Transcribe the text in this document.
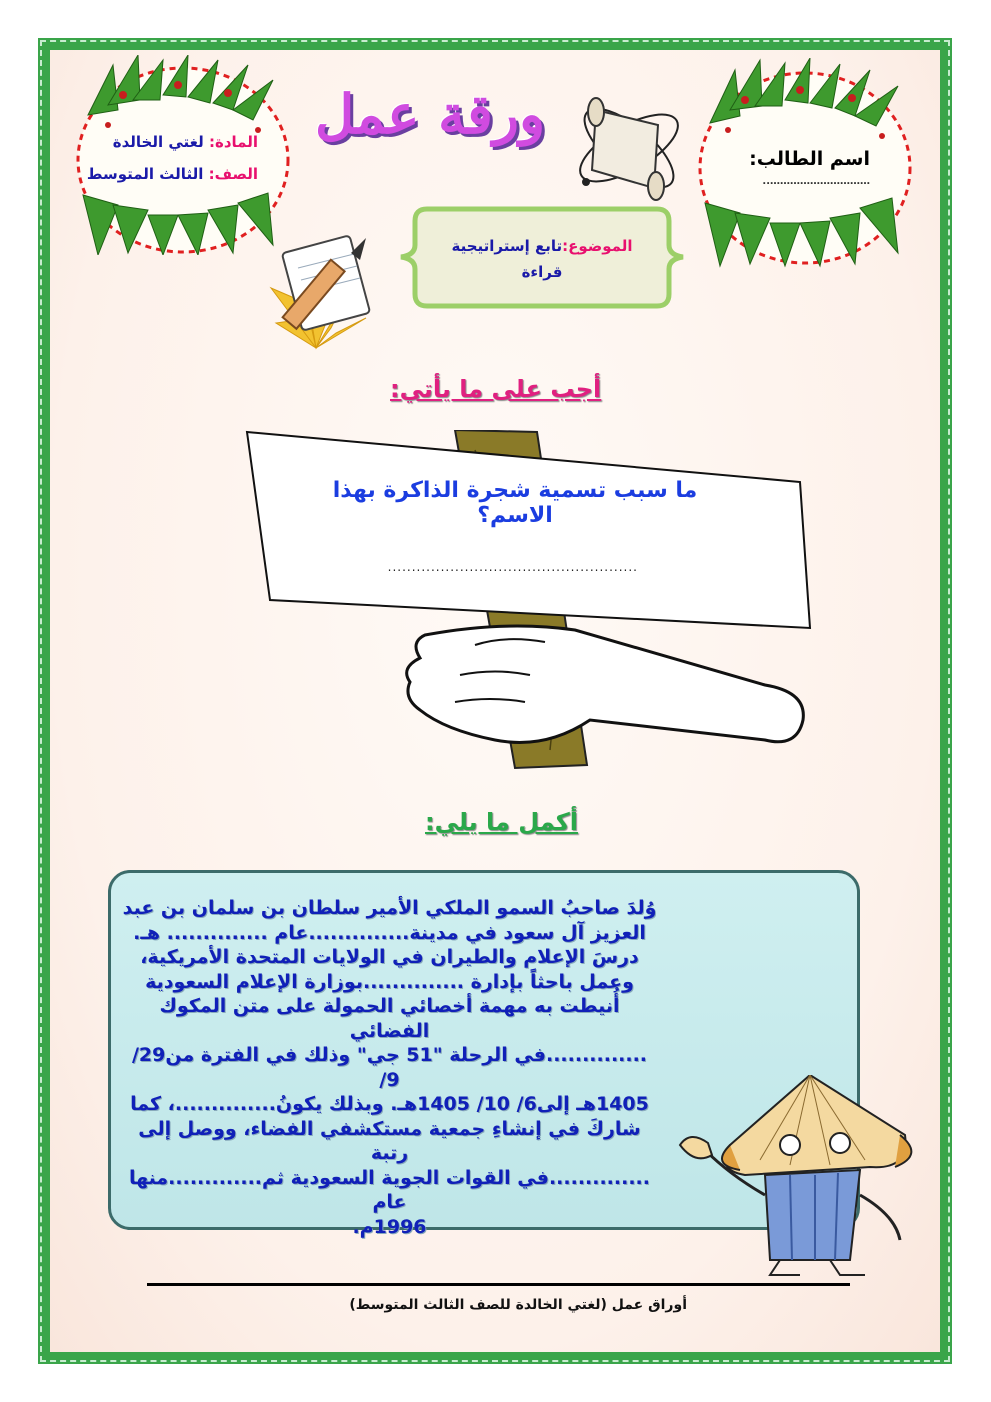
المادة: لغتي الخالدة
الصف: الثالث المتوسط
اسم الطالب:
…………………………..
ورقة عمل
الموضوع:تابع إستراتيجية
قراءة
أجب على ما يأتي:
ما سبب تسمية شجرة الذاكرة بهذا الاسم؟
....................................................
أكمل ما يلي:
وُلدَ صاحبُ السمو الملكي الأمير سلطان بن سلمان بن عبد
العزيز آل سعود في مدينة..............عام .............. هـ.
درسَ الإعلام والطيران في الولايات المتحدة الأمريكية،
وعمل باحثاً بإدارة ..............بوزارة الإعلام السعودية
أُنيطت به مهمة أخصائي الحمولة على متن المكوك الفضائي
..............في الرحلة "51 جي" وذلك في الفترة من29/ 9/
1405هـ إلى6/ 10/ 1405هـ. وبذلك يكونُ..............، كما
شاركَ في إنشاءِ جمعية مستكشفي الفضاء، ووصل إلى رتبة
..............في القوات الجوية السعودية ثم.............منها عام
1996م.
أوراق عمل (لغتي الخالدة للصف الثالث المتوسط)
